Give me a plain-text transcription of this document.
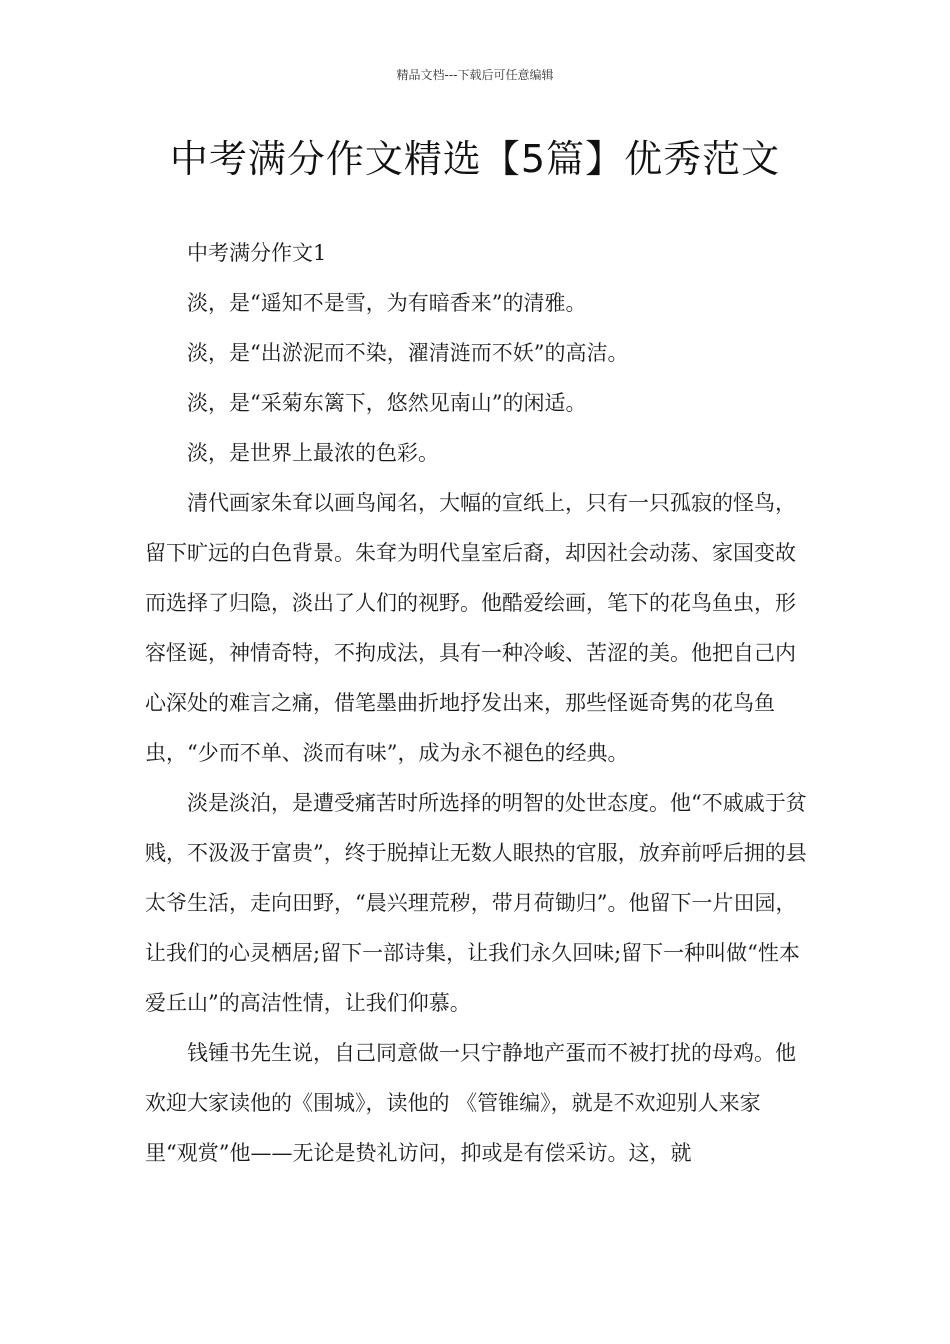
精品文档---下载后可任意编辑
中考满分作文精选【5篇】优秀范文

中考满分作文1

淡，是“遥知不是雪，为有暗香来”的清雅。

淡，是“出淤泥而不染，濯清涟而不妖”的高洁。

淡，是“采菊东篱下，悠然见南山”的闲适。

淡，是世界上最浓的色彩。

清代画家朱耷以画鸟闻名，大幅的宣纸上，只有一只孤寂的怪鸟，留下旷远的白色背景。朱耷为明代皇室后裔，却因社会动荡、家国变故而选择了归隐，淡出了人们的视野。他酷爱绘画，笔下的花鸟鱼虫，形容怪诞，神情奇特，不拘成法，具有一种冷峻、苦涩的美。他把自己内心深处的难言之痛，借笔墨曲折地抒发出来，那些怪诞奇隽的花鸟鱼虫，“少而不单、淡而有味”，成为永不褪色的经典。

淡是淡泊，是遭受痛苦时所选择的明智的处世态度。他“不戚戚于贫贱，不汲汲于富贵”，终于脱掉让无数人眼热的官服，放弃前呼后拥的县太爷生活，走向田野，“晨兴理荒秽，带月荷锄归”。他留下一片田园，让我们的心灵栖居;留下一部诗集，让我们永久回味;留下一种叫做“性本爱丘山”的高洁性情，让我们仰慕。

钱锺书先生说，自己同意做一只宁静地产蛋而不被打扰的母鸡。他欢迎大家读他的《围城》，读他的 《管锥编》，就是不欢迎别人来家里“观赏”他——无论是贽礼访问，抑或是有偿采访。这，就
